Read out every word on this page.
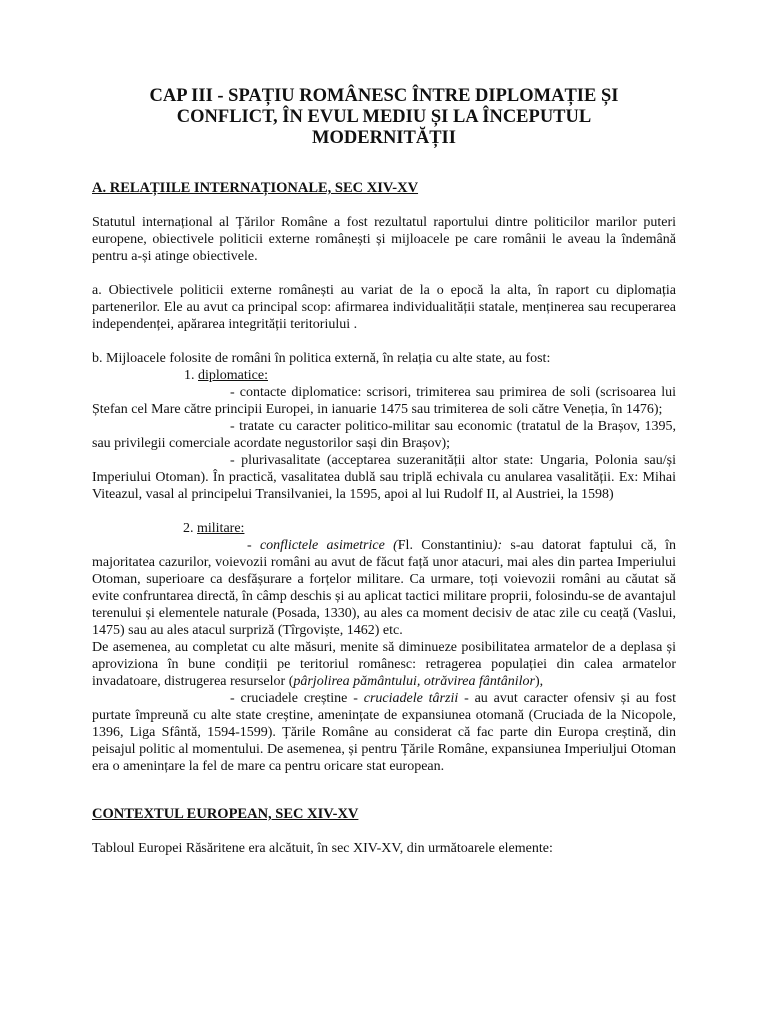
CAP III - SPAȚIU ROMÂNESC ÎNTRE DIPLOMAȚIE ȘI
CONFLICT, ÎN EVUL MEDIU ȘI LA ÎNCEPUTUL
MODERNITĂȚII
A. RELAȚIILE INTERNAȚIONALE, SEC XIV-XV

Statutul internațional al Țărilor Române a fost rezultatul raportului dintre politicilor marilor puteri europene, obiectivele politicii externe românești și mijloacele pe care românii le aveau la îndemână pentru a-și atinge obiectivele.

a. Obiectivele politicii externe românești au variat de la o epocă la alta, în raport cu diplomația partenerilor. Ele au avut ca principal scop: afirmarea individualității statale, menținerea sau recuperarea independenței, apărarea integrității teritoriului .

b. Mijloacele folosite de români în politica externă, în relația cu alte state, au fost:

1. diplomatice:

- contacte diplomatice: scrisori, trimiterea sau primirea de soli (scrisoarea lui Ștefan cel Mare către principii Europei, in ianuarie 1475 sau trimiterea de soli către Veneția, în 1476);

- tratate cu caracter politico-militar sau economic (tratatul de la Brașov, 1395, sau privilegii comerciale acordate negustorilor sași din Brașov);

- plurivasalitate (acceptarea suzeranității altor state: Ungaria, Polonia sau/și Imperiului Otoman). În practică, vasalitatea dublă sau triplă echivala cu anularea vasalității. Ex: Mihai Viteazul, vasal al principelui Transilvaniei, la 1595, apoi al lui Rudolf II, al Austriei, la 1598)

2. militare:

- conflictele asimetrice (Fl. Constantiniu): s-au datorat faptului că, în majoritatea cazurilor, voievozii români au avut de făcut față unor atacuri, mai ales din partea Imperiului Otoman, superioare ca desfășurare a forțelor militare. Ca urmare, toți voievozii români au căutat să evite confruntarea directă, în câmp deschis și au aplicat tactici militare proprii, folosindu-se de avantajul terenului și elementele naturale (Posada, 1330), au ales ca moment decisiv de atac zile cu ceață (Vaslui, 1475) sau au ales atacul surpriză (Tîrgoviște, 1462) etc.

De asemenea, au completat cu alte măsuri, menite să diminueze posibilitatea armatelor de a deplasa și aproviziona în bune condiții pe teritoriul românesc: retragerea populației din calea armatelor invadatoare, distrugerea resurselor (pârjolirea pământului, otrăvirea fântânilor),

- cruciadele creștine - cruciadele târzii - au avut caracter ofensiv și au fost purtate împreună cu alte state creștine, amenințate de expansiunea otomană (Cruciada de la Nicopole, 1396, Liga Sfântă, 1594-1599). Țările Române au considerat că fac parte din Europa creștină, din peisajul politic al momentului. De asemenea, și pentru Țările Române, expansiunea Imperiuljui Otoman era o amenințare la fel de mare ca pentru oricare stat european.

CONTEXTUL EUROPEAN, SEC XIV-XV

Tabloul Europei Răsăritene era alcătuit, în sec XIV-XV, din următoarele elemente:
